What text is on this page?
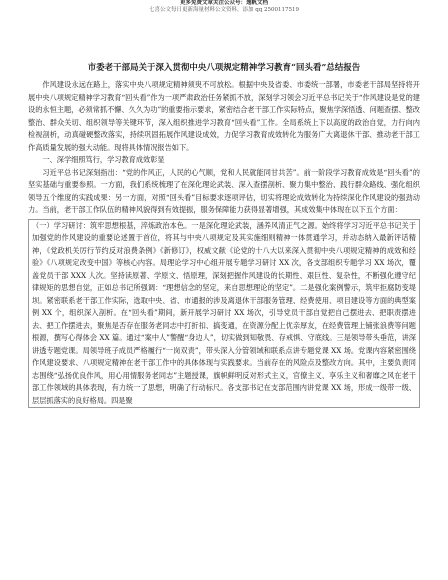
更多免费文章关注公众号：逸帆文档
七喜公文每日更新海量材料公文资料，添加 qq 2500117519
市委老干部局关于深入贯彻中央八项规定精神学习教育“回头看”总结报告

作风建设永远在路上，落实中央八项规定精神须臾不可放松。根据中央及省委、市委统一部署，市委老干部局坚持将开展中央八项规定精神学习教育“回头看”作为一项严肃政治任务紧抓不放，深刻学习领会习近平总书记关于“作风建设是党的建设的永恒主题，必须常抓不懈、久久为功”的重要指示要求，紧密结合老干部工作实际特点，聚焦学深悟透、问题查摆、整改整治、群众关切、组织领导等关键环节，深入组织推进学习教育“回头看”工作。全局系统上下以高度的政治自觉，力行向内检视剖析，动真碰硬整改落实，持续巩固拓展作风建设成效，力促学习教育成效转化为服务广大离退休干部、推动老干部工作高质量发展的强大动能。现将具体情况报告如下。

一、深学细照笃行，学习教育成效彰显

习近平总书记深刻指出：“党的作风正，人民的心气顺，党和人民就能同甘共苦”。前一阶段学习教育成效是“回头看”的坚实基础与重要参照。一方面，我们系统梳理了在深化理论武装、深入查摆剖析、聚力集中整治、践行群众路线、强化组织领导五个维度的实践成果：另一方面，对照“回头看”目标要求逐项评估，切实将理论成效转化为持续深化作风建设的强劲动力。当前，老干部工作队伍的精神风貌得到有效提振，服务保障能力获得显著增强，其成效集中体现在以下五个方面：

（一）学习研讨：筑牢思想根基，淬炼政治本色。一是深化理论武装，涵养风清正气之源。始终将学习习近平总书记关于加强党的作风建设的重要论述置于首位，将其与中央八项规定及其实施细则精神一体贯通学习，并动态纳入最新评话精神，《党政机关厉行节约反对浪费条例》《新修订》，权威文献《论党的十八大以来深入贯彻中央八项规定精神的成效和经验》《八项规定改变中国》等核心内容。局理论学习中心组开展专题学习研讨 XX 次，各支部组织专题学习 XX 场次，覆盖党员干部 XXX 人次。坚持读原著、学原文、悟原理，深刻把握作风建设的长期性、艰巨性、复杂性，不断强化遵守纪律规矩的思想自觉，正如总书记所强调：“理想信念的坚定，来自思想理论的坚定”。二是强化案例警示，筑牢拒腐防变堤坝。紧密联系老干部工作实际，选取中央、省、市通报的涉及离退休干部服务管理、经费使用、项目建设等方面的典型案例 XX 个，组织深入剖析。在“回头看”期间，新开展学习研讨 XX 场次，引导党员干部自觉把自己摆进去、把职责摆进去、把工作摆进去，聚焦是否存在服务老同志中打折扣、搞变通，在资源分配上优亲厚友，在经费管理上铺张浪费等问题根源，撰写心得体会 XX 篇。通过“案中人”警醒“身边人”，切实做到知敬畏、存戒惧、守底线。三是领导带头垂范，讲深讲透专题党课。局领导班子成员严格履行“一岗双责”，带头深入分管领域和联系点讲专题党课 XX 场。党课内容紧密围绕作风建设要求、八项规定精神在老干部工作中的具体体现与实践要求。当前存在的风险点及整改方向。其中，主要负责同志围绕“弘扬优良作风，用心用情服务老同志”主题授课，旗帜鲜明反对形式主义，官僚主义、享乐主义和奢靡之风在老干部工作领域的具体表现，有力统一了思想，明确了行动标尺。各支部书记在支部范围内讲党课 XX 场，形成一级带一级、层层抓落实的良好格局。四是聚
